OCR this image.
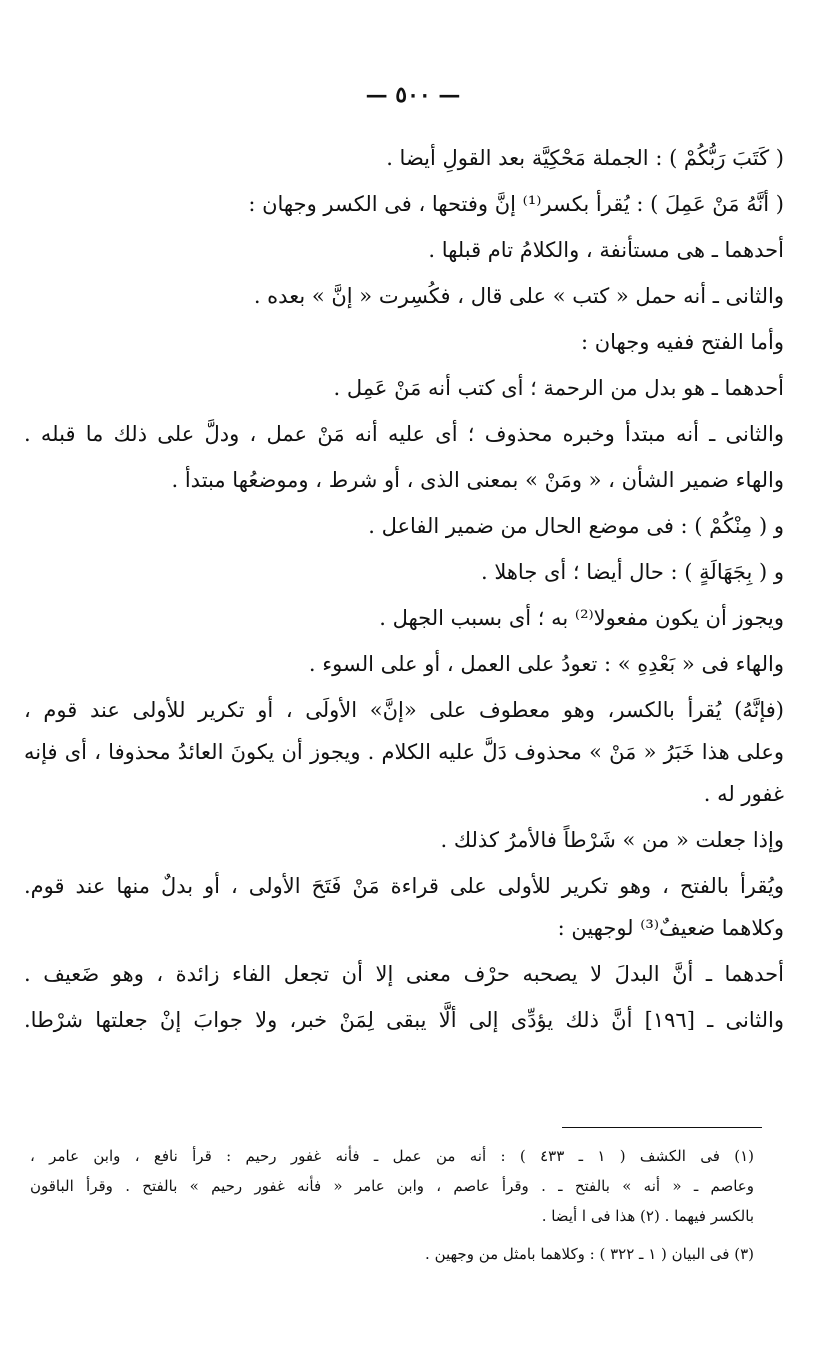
— ٥٠٠ —
( كَتَبَ رَبُّكُمْ ) : الجملة مَحْكِيَّة بعد القولِ أيضا .
( أنَّهُ مَنْ عَمِلَ ) : يُقرأ بكسر⁽¹⁾ إنَّ وفتحها ، فى الكسر وجهان :
أحدهما ـ هى مستأنفة ، والكلامُ تام قبلها .
والثانى ـ أنه حمل « كتب » على قال ، فكُسِرت « إنَّ » بعده .
وأما الفتح ففيه وجهان :
أحدهما ـ هو بدل من الرحمة ؛ أى كتب أنه مَنْ عَمِل .
والثانى ـ أنه مبتدأ وخبره محذوف ؛ أى عليه أنه مَنْ عمل ، ودلَّ على ذلك ما قبله .
والهاء ضمير الشأن ، « ومَنْ » بمعنى الذى ، أو شرط ، وموضعُها مبتدأ .
و ( مِنْكُمْ ) : فى موضع الحال من ضمير الفاعل .
و ( بِجَهَالَةٍ ) : حال أيضا ؛ أى جاهلا .
ويجوز أن يكون مفعولا⁽²⁾ به ؛ أى بسبب الجهل .
والهاء فى « بَعْدِهِ » : تعودُ على العمل ، أو على السوء .
(فإنَّهُ) يُقرأ بالكسر، وهو معطوف على «إنَّ» الأولَى ، أو تكرير للأولى عند قوم ،
وعلى هذا خَبَرُ « مَنْ » محذوف دَلَّ عليه الكلام . ويجوز أن يكونَ العائدُ محذوفا ، أى فإنه
غفور له .
وإذا جعلت « من » شَرْطاً فالأمرُ كذلك .
ويُقرأ بالفتح ، وهو تكرير للأولى على قراءة مَنْ فَتَحَ الأولى ، أو بدلٌ منها عند قوم.
وكلاهما ضعيفٌ⁽³⁾ لوجهين :
أحدهما ـ أنَّ البدلَ لا يصحبه حرْف معنى إلا أن تجعل الفاء زائدة ، وهو ضَعيف .
والثانى ـ [١٩٦] أنَّ ذلك يؤدِّى إلى ألَّا يبقى لِمَنْ خبر، ولا جوابَ إنْ جعلتها شرْطا.
(١) فى الكشف ( ١ ـ ٤٣٣ ) : أنه من عمل ـ فأنه غفور رحيم : قرأ نافع ، وابن عامر ،
وعاصم ـ « أنه » بالفتح ـ . وقرأ عاصم ، وابن عامر « فأنه غفور رحيم » بالفتح . وقرأ الباقون
بالكسر فيهما . (٢) هذا فى ا أيضا .
(٣) فى البيان ( ١ ـ ٣٢٢ ) : وكلاهما بامثل من وجهين .
